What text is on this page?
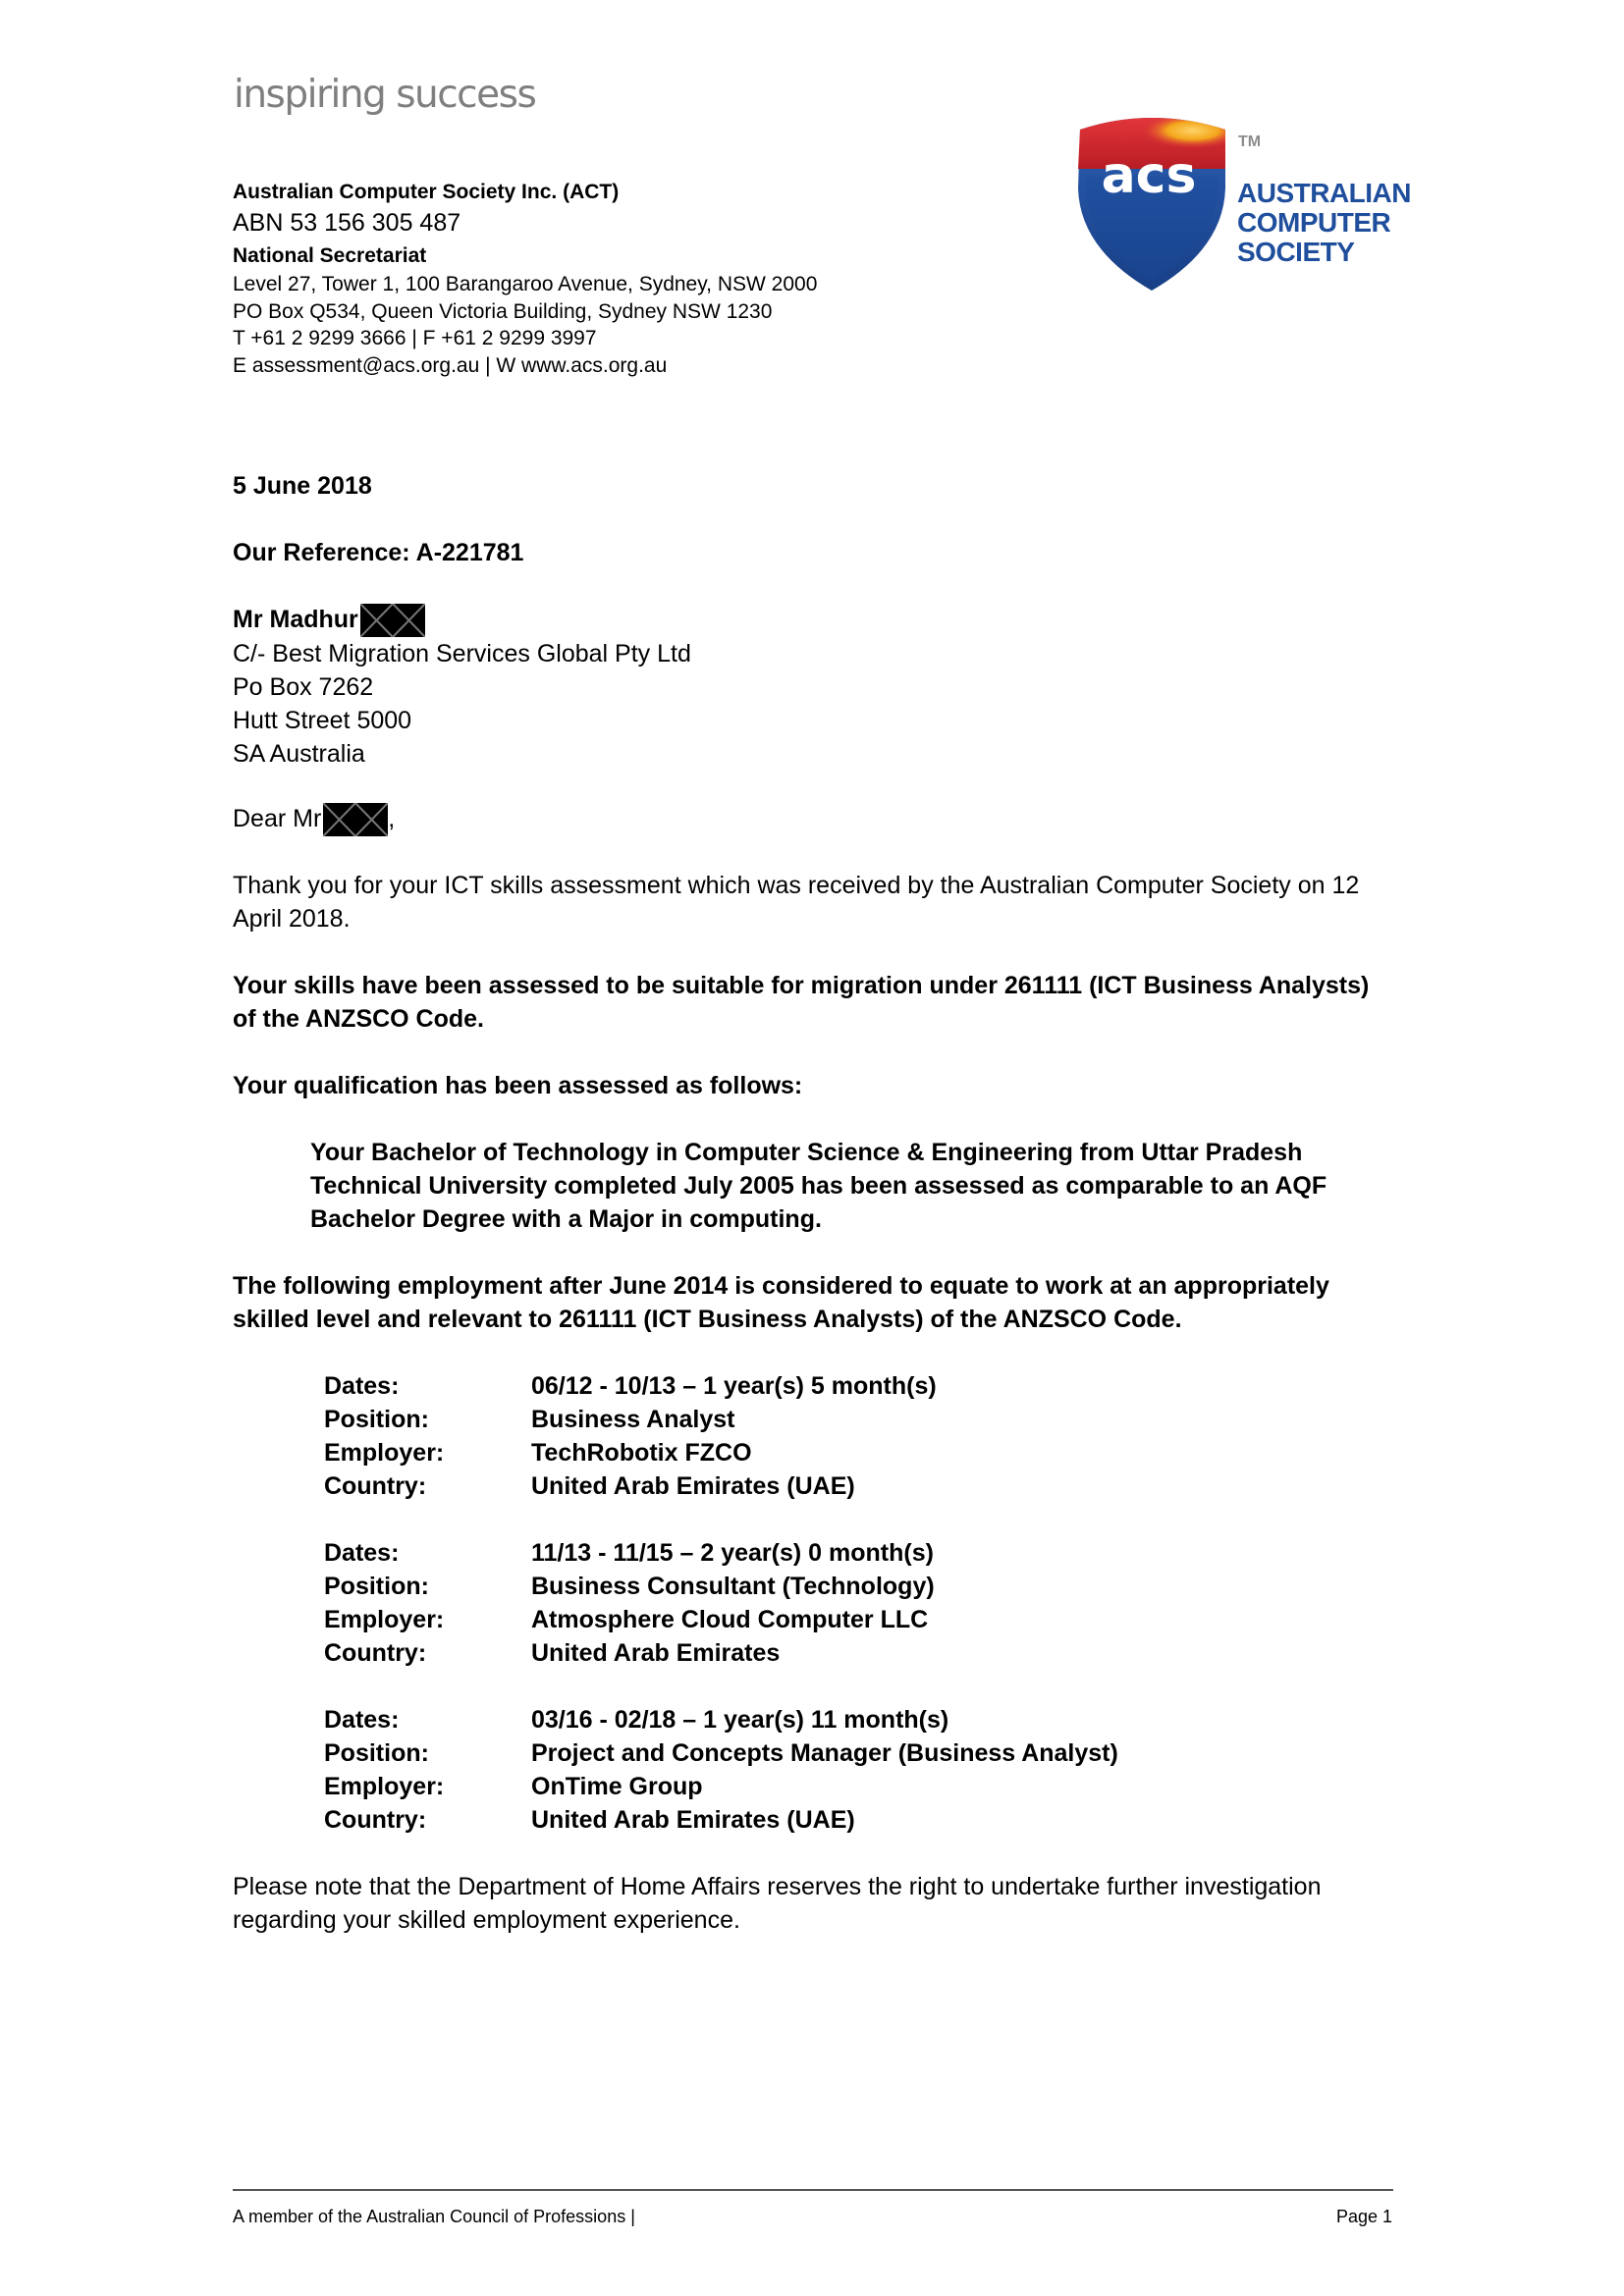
inspiring success
acs
TM
AUSTRALIAN
COMPUTER
SOCIETY
Australian Computer Society Inc. (ACT)
ABN 53 156 305 487
National Secretariat
Level 27, Tower 1, 100 Barangaroo Avenue, Sydney, NSW 2000
PO Box Q534, Queen Victoria Building, Sydney NSW 1230
T +61 2 9299 3666 | F +61 2 9299 3997
E assessment@acs.org.au | W www.acs.org.au
5 June 2018
Our Reference: A-221781
Mr Madhur
C/- Best Migration Services Global Pty Ltd
Po Box 7262
Hutt Street 5000
SA Australia
Dear Mr	,
Thank you for your ICT skills assessment which was received by the Australian Computer Society on 12 April 2018.
Your skills have been assessed to be suitable for migration under 261111 (ICT Business Analysts) of the ANZSCO Code.
Your qualification has been assessed as follows:
Your Bachelor of Technology in Computer Science & Engineering from Uttar Pradesh Technical University completed July 2005 has been assessed as comparable to an AQF Bachelor Degree with a Major in computing.
The following employment after June 2014 is considered to equate to work at an appropriately skilled level and relevant to 261111 (ICT Business Analysts) of the ANZSCO Code.
Dates:	06/12 - 10/13 – 1 year(s) 5 month(s)
Position:	Business Analyst
Employer:	TechRobotix FZCO
Country:	United Arab Emirates (UAE)
Dates:	11/13 - 11/15 – 2 year(s) 0 month(s)
Position:	Business Consultant (Technology)
Employer:	Atmosphere Cloud Computer LLC
Country:	United Arab Emirates
Dates:	03/16 - 02/18 – 1 year(s) 11 month(s)
Position:	Project and Concepts Manager (Business Analyst)
Employer:	OnTime Group
Country:	United Arab Emirates (UAE)
Please note that the Department of Home Affairs reserves the right to undertake further investigation regarding your skilled employment experience.
A member of the Australian Council of Professions |	Page 1
